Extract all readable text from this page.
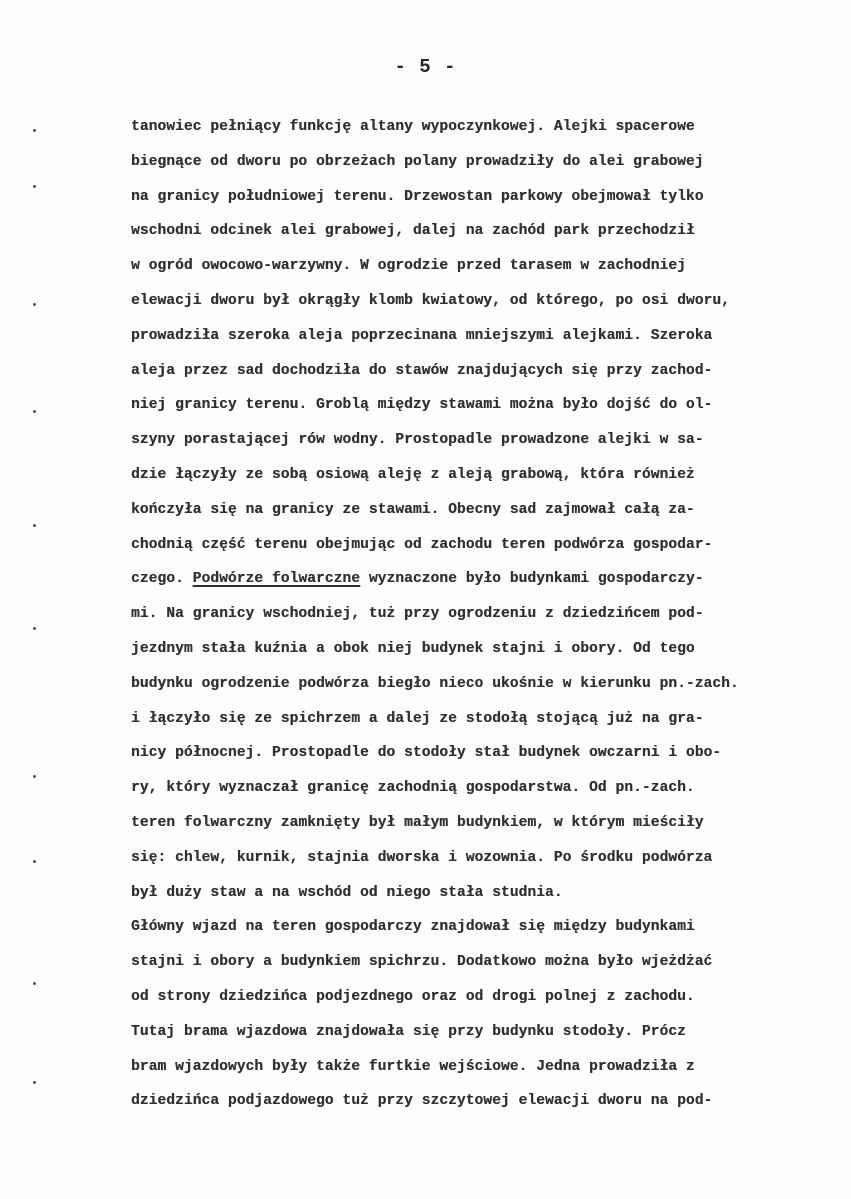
- 5 -
tanowiec pełniący funkcję altany wypoczynkowej. Alejki spacerowe
biegnące od dworu po obrzeżach polany prowadziły do alei grabowej
na granicy południowej terenu. Drzewostan parkowy obejmował tylko
wschodni odcinek alei grabowej, dalej na zachód park przechodził
w ogród owocowo-warzywny. W ogrodzie przed tarasem w zachodniej
elewacji dworu był okrągły klomb kwiatowy, od którego, po osi dworu,
prowadziła szeroka aleja poprzecinana mniejszymi alejkami. Szeroka
aleja przez sad dochodziła do stawów znajdujących się przy zachod-
niej granicy terenu. Groblą między stawami można było dojść do ol-
szyny porastającej rów wodny. Prostopadle prowadzone alejki w sa-
dzie łączyły ze sobą osiową aleję z aleją grabową, która również
kończyła się na granicy ze stawami. Obecny sad zajmował całą za-
chodnią część terenu obejmując od zachodu teren podwórza gospodar-
czego. Podwórze folwarczne wyznaczone było budynkami gospodarczy-
mi. Na granicy wschodniej, tuż przy ogrodzeniu z dziedzińcem pod-
jezdnym stała kuźnia a obok niej budynek stajni i obory. Od tego
budynku ogrodzenie podwórza biegło nieco ukośnie w kierunku pn.-zach.
i łączyło się ze spichrzem a dalej ze stodołą stojącą już na gra-
nicy północnej. Prostopadle do stodoły stał budynek owczarni i obo-
ry, który wyznaczał granicę zachodnią gospodarstwa. Od pn.-zach.
teren folwarczny zamknięty był małym budynkiem, w którym mieściły
się: chlew, kurnik, stajnia dworska i wozownia. Po środku podwórza
był duży staw a na wschód od niego stała studnia.
Główny wjazd na teren gospodarczy znajdował się między budynkami
stajni i obory a budynkiem spichrzu. Dodatkowo można było wjeżdżać
od strony dziedzińca podjezdnego oraz od drogi polnej z zachodu.
Tutaj brama wjazdowa znajdowała się przy budynku stodoły. Prócz
bram wjazdowych były także furtkie wejściowe. Jedna prowadziła z
dziedzińca podjazdowego tuż przy szczytowej elewacji dworu na pod-
